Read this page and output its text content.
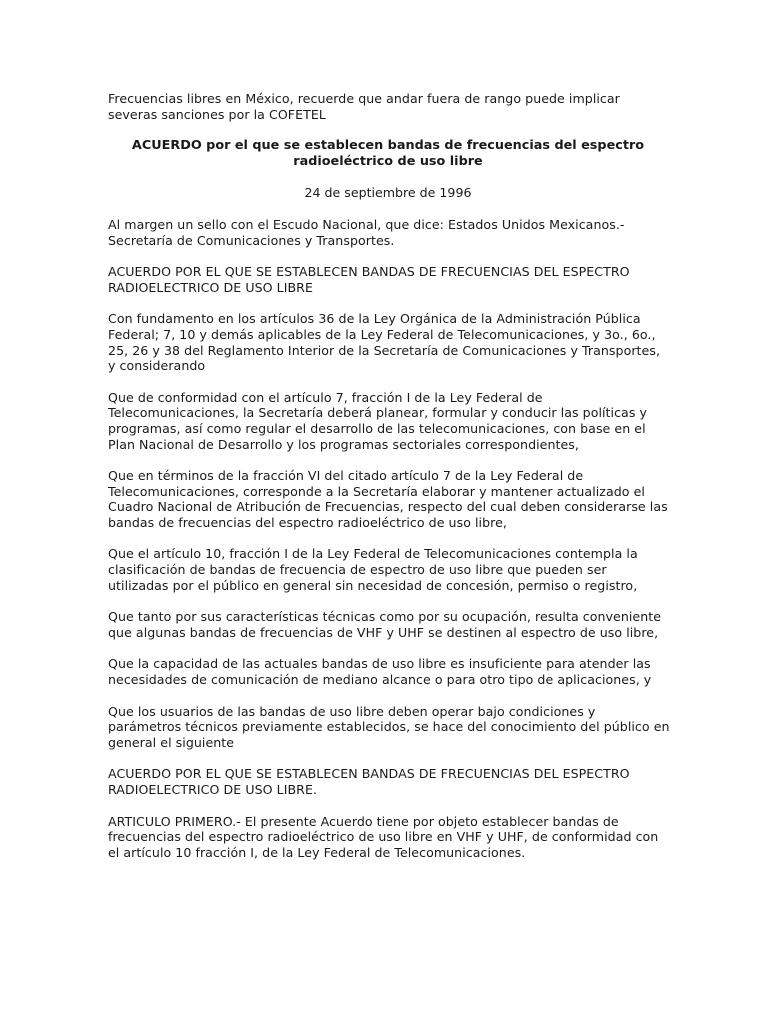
Frecuencias libres en México, recuerde que andar fuera de rango puede implicar
severas sanciones por la COFETEL

ACUERDO por el que se establecen bandas de frecuencias del espectro
radioeléctrico de uso libre

24 de septiembre de 1996

Al margen un sello con el Escudo Nacional, que dice: Estados Unidos Mexicanos.-
Secretaría de Comunicaciones y Transportes.

ACUERDO POR EL QUE SE ESTABLECEN BANDAS DE FRECUENCIAS DEL ESPECTRO
RADIOELECTRICO DE USO LIBRE

Con fundamento en los artículos 36 de la Ley Orgánica de la Administración Pública
Federal; 7, 10 y demás aplicables de la Ley Federal de Telecomunicaciones, y 3o., 6o.,
25, 26 y 38 del Reglamento Interior de la Secretaría de Comunicaciones y Transportes,
y considerando

Que de conformidad con el artículo 7, fracción I de la Ley Federal de
Telecomunicaciones, la Secretaría deberá planear, formular y conducir las políticas y
programas, así como regular el desarrollo de las telecomunicaciones, con base en el
Plan Nacional de Desarrollo y los programas sectoriales correspondientes,

Que en términos de la fracción VI del citado artículo 7 de la Ley Federal de
Telecomunicaciones, corresponde a la Secretaría elaborar y mantener actualizado el
Cuadro Nacional de Atribución de Frecuencias, respecto del cual deben considerarse las
bandas de frecuencias del espectro radioeléctrico de uso libre,

Que el artículo 10, fracción I de la Ley Federal de Telecomunicaciones contempla la
clasificación de bandas de frecuencia de espectro de uso libre que pueden ser
utilizadas por el público en general sin necesidad de concesión, permiso o registro,

Que tanto por sus características técnicas como por su ocupación, resulta conveniente
que algunas bandas de frecuencias de VHF y UHF se destinen al espectro de uso libre,

Que la capacidad de las actuales bandas de uso libre es insuficiente para atender las
necesidades de comunicación de mediano alcance o para otro tipo de aplicaciones, y

Que los usuarios de las bandas de uso libre deben operar bajo condiciones y
parámetros técnicos previamente establecidos, se hace del conocimiento del público en
general el siguiente

ACUERDO POR EL QUE SE ESTABLECEN BANDAS DE FRECUENCIAS DEL ESPECTRO
RADIOELECTRICO DE USO LIBRE.

ARTICULO PRIMERO.- El presente Acuerdo tiene por objeto establecer bandas de
frecuencias del espectro radioeléctrico de uso libre en VHF y UHF, de conformidad con
el artículo 10 fracción I, de la Ley Federal de Telecomunicaciones.
